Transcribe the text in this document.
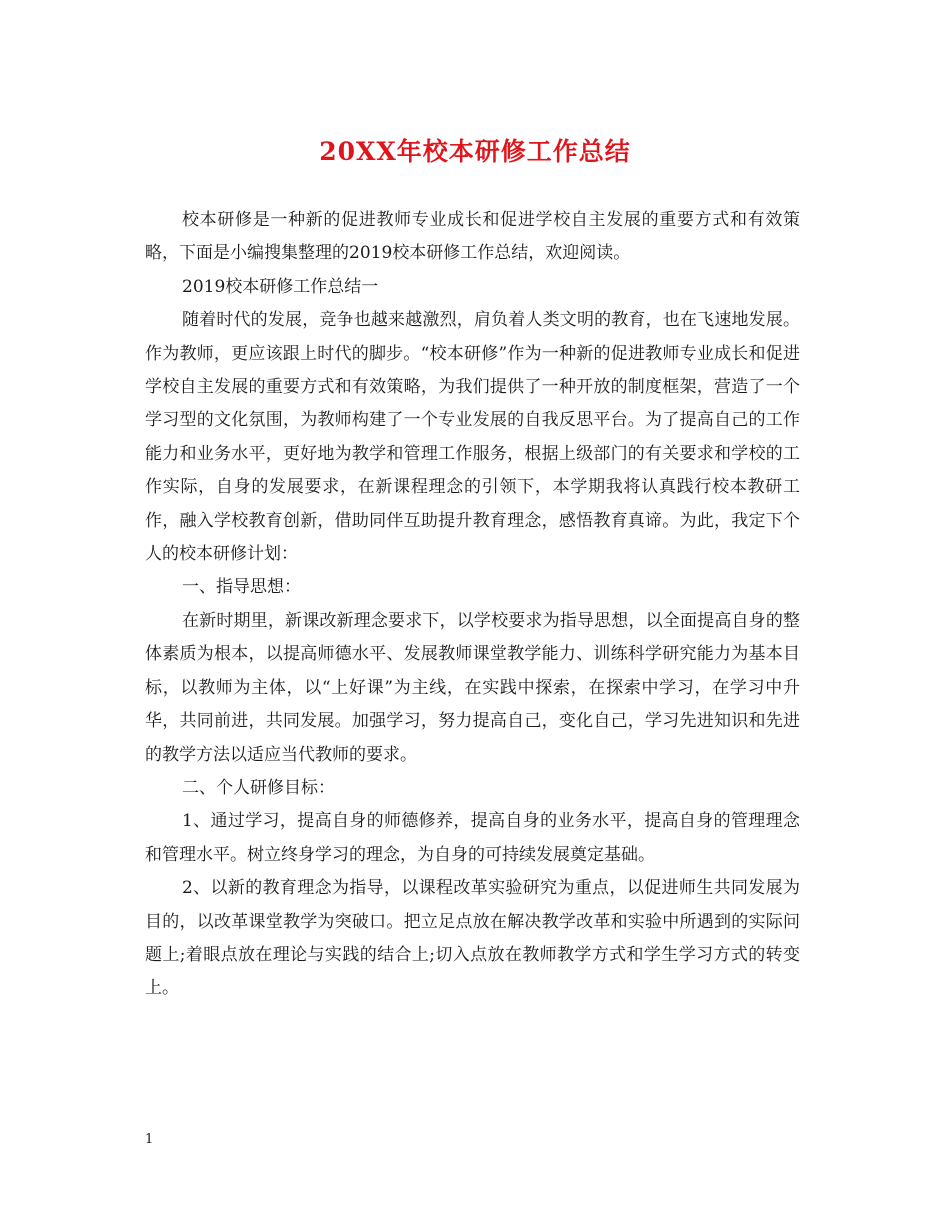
20XX年校本研修工作总结

校本研修是一种新的促进教师专业成长和促进学校自主发展的重要方式和有效策略，下面是小编搜集整理的2019校本研修工作总结，欢迎阅读。

2019校本研修工作总结一

随着时代的发展，竞争也越来越激烈，肩负着人类文明的教育，也在飞速地发展。作为教师，更应该跟上时代的脚步。“校本研修”作为一种新的促进教师专业成长和促进学校自主发展的重要方式和有效策略，为我们提供了一种开放的制度框架，营造了一个学习型的文化氛围，为教师构建了一个专业发展的自我反思平台。为了提高自己的工作能力和业务水平，更好地为教学和管理工作服务，根据上级部门的有关要求和学校的工作实际，自身的发展要求，在新课程理念的引领下，本学期我将认真践行校本教研工作，融入学校教育创新，借助同伴互助提升教育理念，感悟教育真谛。为此，我定下个人的校本研修计划：

一、指导思想：

在新时期里，新课改新理念要求下，以学校要求为指导思想，以全面提高自身的整体素质为根本，以提高师德水平、发展教师课堂教学能力、训练科学研究能力为基本目标，以教师为主体，以“上好课”为主线，在实践中探索，在探索中学习，在学习中升华，共同前进，共同发展。加强学习，努力提高自己，变化自己，学习先进知识和先进的教学方法以适应当代教师的要求。

二、个人研修目标：

1、通过学习，提高自身的师德修养，提高自身的业务水平，提高自身的管理理念和管理水平。树立终身学习的理念，为自身的可持续发展奠定基础。

2、以新的教育理念为指导，以课程改革实验研究为重点，以促进师生共同发展为目的，以改革课堂教学为突破口。把立足点放在解决教学改革和实验中所遇到的实际问题上;着眼点放在理论与实践的结合上;切入点放在教师教学方式和学生学习方式的转变上。

1
